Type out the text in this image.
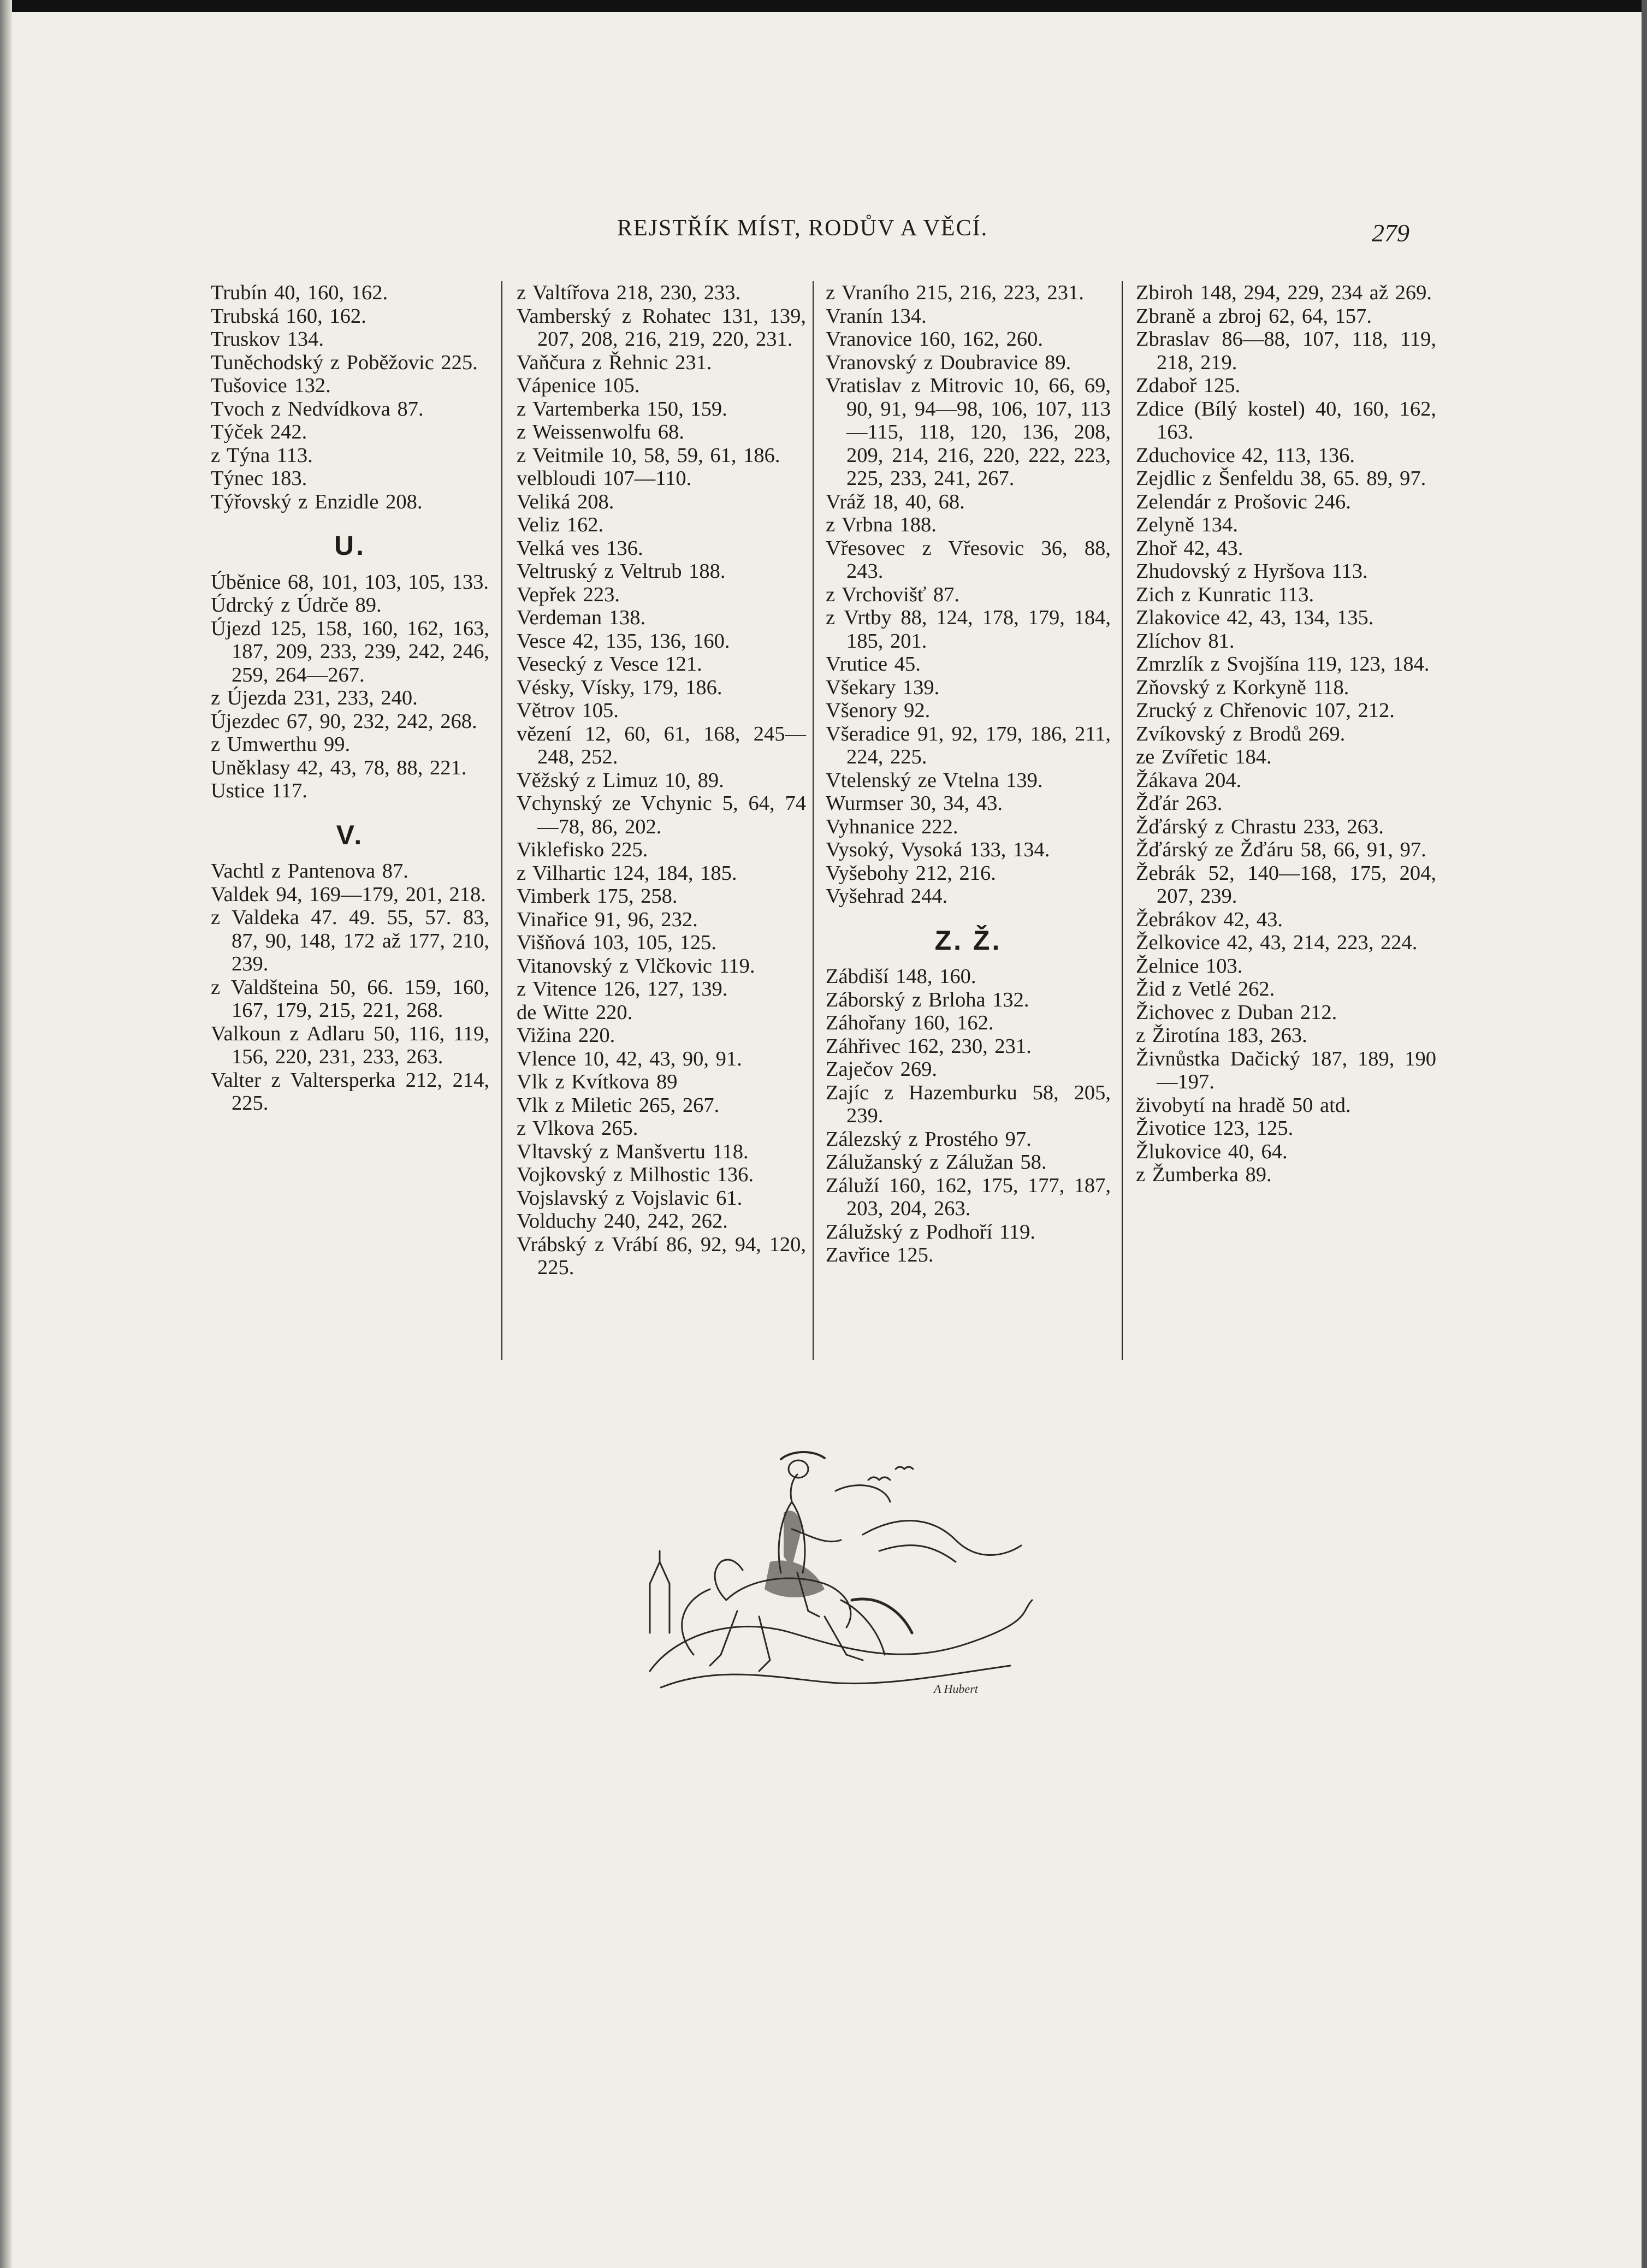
REJSTŘÍK MÍST, RODŮV A VĚCÍ.	279
Trubín 40, 160, 162.
Trubská 160, 162.
Truskov 134.
Tuněchodský z Poběžovic 225.
Tušovice 132.
Tvoch z Nedvídkova 87.
Týček 242.
z Týna 113.
Týnec 183.
Týřovský z Enzidle 208.
U.
Úběnice 68, 101, 103, 105, 133.
Údrcký z Údrče 89.
Újezd 125, 158, 160, 162, 163, 187, 209, 233, 239, 242, 246, 259, 264—267.
z Újezda 231, 233, 240.
Újezdec 67, 90, 232, 242, 268.
z Umwerthu 99.
Uněklasy 42, 43, 78, 88, 221.
Ustice 117.
V.
Vachtl z Pantenova 87.
Valdek 94, 169—179, 201, 218.
z Valdeka 47. 49. 55, 57. 83, 87, 90, 148, 172 až 177, 210, 239.
z Valdšteina 50, 66. 159, 160, 167, 179, 215, 221, 268.
Valkoun z Adlaru 50, 116, 119, 156, 220, 231, 233, 263.
Valter z Valtersperka 212, 214, 225.
z Valtířova 218, 230, 233.
Vamberský z Rohatec 131, 139, 207, 208, 216, 219, 220, 231.
Vaňčura z Řehnic 231.
Vápenice 105.
z Vartemberka 150, 159.
z Weissenwolfu 68.
z Veitmile 10, 58, 59, 61, 186.
velbloudi 107—110.
Veliká 208.
Veliz 162.
Velká ves 136.
Veltruský z Veltrub 188.
Vepřek 223.
Verdeman 138.
Vesce 42, 135, 136, 160.
Vesecký z Vesce 121.
Vésky, Vísky, 179, 186.
Větrov 105.
vězení 12, 60, 61, 168, 245—248, 252.
Věžský z Limuz 10, 89.
Vchynský ze Vchynic 5, 64, 74—78, 86, 202.
Viklefisko 225.
z Vilhartic 124, 184, 185.
Vimberk 175, 258.
Vinařice 91, 96, 232.
Višňová 103, 105, 125.
Vitanovský z Vlčkovic 119.
z Vitence 126, 127, 139.
de Witte 220.
Vižina 220.
Vlence 10, 42, 43, 90, 91.
Vlk z Kvítkova 89
Vlk z Miletic 265, 267.
z Vlkova 265.
Vltavský z Manšvertu 118.
Vojkovský z Milhostic 136.
Vojslavský z Vojslavic 61.
Volduchy 240, 242, 262.
Vrábský z Vrábí 86, 92, 94, 120, 225.
z Vraního 215, 216, 223, 231.
Vranín 134.
Vranovice 160, 162, 260.
Vranovský z Doubravice 89.
Vratislav z Mitrovic 10, 66, 69, 90, 91, 94—98, 106, 107, 113—115, 118, 120, 136, 208, 209, 214, 216, 220, 222, 223, 225, 233, 241, 267.
Vráž 18, 40, 68.
z Vrbna 188.
Vřesovec z Vřesovic 36, 88, 243.
z Vrchovišť 87.
z Vrtby 88, 124, 178, 179, 184, 185, 201.
Vrutice 45.
Všekary 139.
Všenory 92.
Všeradice 91, 92, 179, 186, 211, 224, 225.
Vtelenský ze Vtelna 139.
Wurmser 30, 34, 43.
Vyhnanice 222.
Vysoký, Vysoká 133, 134.
Vyšebohy 212, 216.
Vyšehrad 244.
Z. Ž.
Zábdiší 148, 160.
Záborský z Brloha 132.
Záhořany 160, 162.
Záhřivec 162, 230, 231.
Zaječov 269.
Zajíc z Hazemburku 58, 205, 239.
Zálezský z Prostého 97.
Zálužanský z Zálužan 58.
Záluží 160, 162, 175, 177, 187, 203, 204, 263.
Zálužský z Podhoří 119.
Zavřice 125.
Zbiroh 148, 294, 229, 234 až 269.
Zbraně a zbroj 62, 64, 157.
Zbraslav 86—88, 107, 118, 119, 218, 219.
Zdaboř 125.
Zdice (Bílý kostel) 40, 160, 162, 163.
Zduchovice 42, 113, 136.
Zejdlic z Šenfeldu 38, 65. 89, 97.
Zelendár z Prošovic 246.
Zelyně 134.
Zhoř 42, 43.
Zhudovský z Hyršova 113.
Zich z Kunratic 113.
Zlakovice 42, 43, 134, 135.
Zlíchov 81.
Zmrzlík z Svojšína 119, 123, 184.
Zňovský z Korkyně 118.
Zrucký z Chřenovic 107, 212.
Zvíkovský z Brodů 269.
ze Zvířetic 184.
Žákava 204.
Žďár 263.
Žďárský z Chrastu 233, 263.
Žďárský ze Žďáru 58, 66, 91, 97.
Žebrák 52, 140—168, 175, 204, 207, 239.
Žebrákov 42, 43.
Želkovice 42, 43, 214, 223, 224.
Želnice 103.
Žid z Vetlé 262.
Žichovec z Duban 212.
z Žirotína 183, 263.
Živnůstka Dačický 187, 189, 190—197.
živobytí na hradě 50 atd.
Životice 123, 125.
Žlukovice 40, 64.
z Žumberka 89.
A Hubert
